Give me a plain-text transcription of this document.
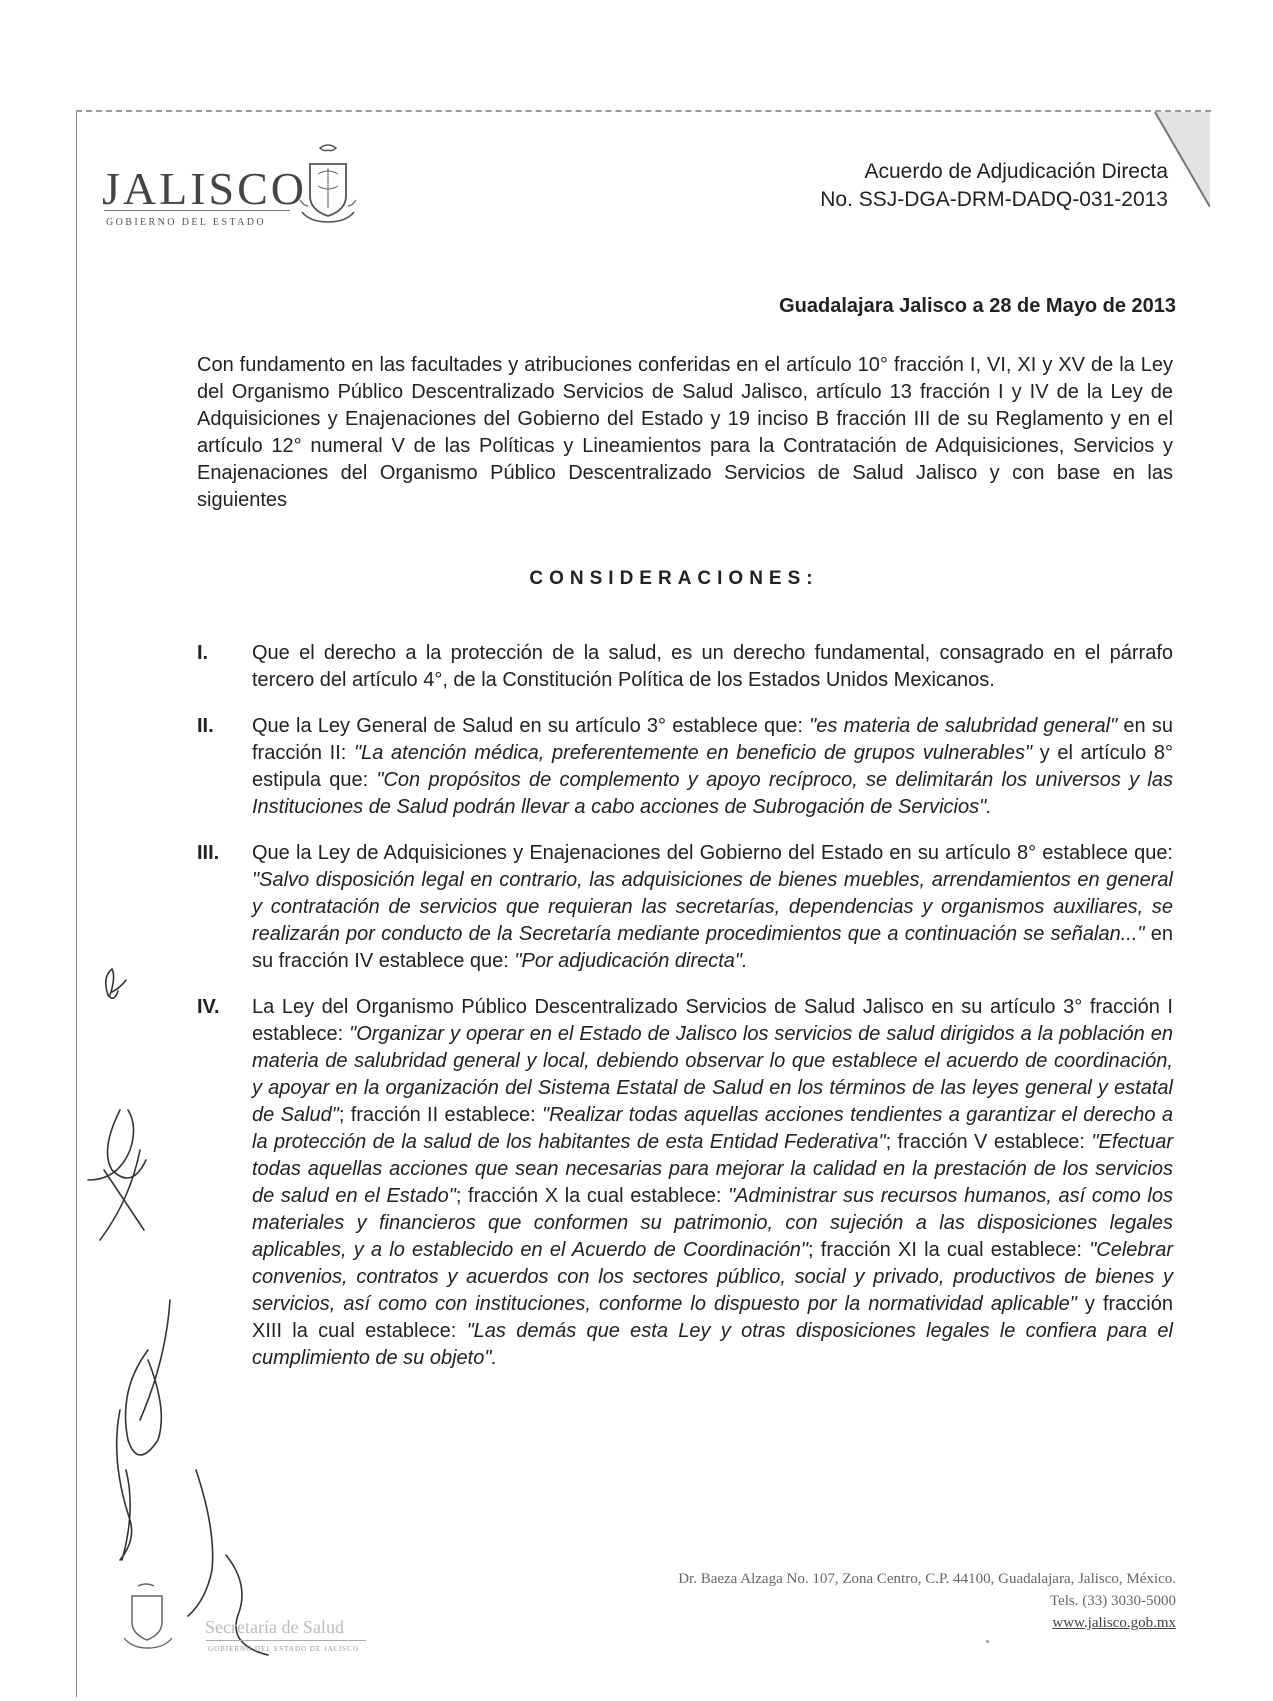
JALISCO
GOBIERNO DEL ESTADO
Acuerdo de Adjudicación Directa
No. SSJ-DGA-DRM-DADQ-031-2013
Guadalajara Jalisco a 28 de Mayo de 2013
Con fundamento en las facultades y atribuciones conferidas en el artículo 10° fracción I, VI, XI y XV de la Ley del Organismo Público Descentralizado Servicios de Salud Jalisco, artículo 13 fracción I y IV de la Ley de Adquisiciones y Enajenaciones del Gobierno del Estado y 19 inciso B fracción III de su Reglamento y en el artículo 12° numeral V de las Políticas y Lineamientos para la Contratación de Adquisiciones, Servicios y Enajenaciones del Organismo Público Descentralizado Servicios de Salud Jalisco y con base en las siguientes
CONSIDERACIONES:
I. Que el derecho a la protección de la salud, es un derecho fundamental, consagrado en el párrafo tercero del artículo 4°, de la Constitución Política de los Estados Unidos Mexicanos.
II. Que la Ley General de Salud en su artículo 3° establece que: "es materia de salubridad general" en su fracción II: "La atención médica, preferentemente en beneficio de grupos vulnerables" y el artículo 8° estipula que: "Con propósitos de complemento y apoyo recíproco, se delimitarán los universos y las Instituciones de Salud podrán llevar a cabo acciones de Subrogación de Servicios".
III. Que la Ley de Adquisiciones y Enajenaciones del Gobierno del Estado en su artículo 8° establece que: "Salvo disposición legal en contrario, las adquisiciones de bienes muebles, arrendamientos en general y contratación de servicios que requieran las secretarías, dependencias y organismos auxiliares, se realizarán por conducto de la Secretaría mediante procedimientos que a continuación se señalan..." en su fracción IV establece que: "Por adjudicación directa".
IV. La Ley del Organismo Público Descentralizado Servicios de Salud Jalisco en su artículo 3° fracción I establece: "Organizar y operar en el Estado de Jalisco los servicios de salud dirigidos a la población en materia de salubridad general y local, debiendo observar lo que establece el acuerdo de coordinación, y apoyar en la organización del Sistema Estatal de Salud en los términos de las leyes general y estatal de Salud"; fracción II establece: "Realizar todas aquellas acciones tendientes a garantizar el derecho a la protección de la salud de los habitantes de esta Entidad Federativa"; fracción V establece: "Efectuar todas aquellas acciones que sean necesarias para mejorar la calidad en la prestación de los servicios de salud en el Estado"; fracción X la cual establece: "Administrar sus recursos humanos, así como los materiales y financieros que conformen su patrimonio, con sujeción a las disposiciones legales aplicables, y a lo establecido en el Acuerdo de Coordinación"; fracción XI la cual establece: "Celebrar convenios, contratos y acuerdos con los sectores público, social y privado, productivos de bienes y servicios, así como con instituciones, conforme lo dispuesto por la normatividad aplicable" y fracción XIII la cual establece: "Las demás que esta Ley y otras disposiciones legales le confiera para el cumplimiento de su objeto".
Secretaría de Salud
GOBIERNO DEL ESTADO DE JALISCO
Dr. Baeza Alzaga No. 107, Zona Centro, C.P. 44100, Guadalajara, Jalisco, México.
Tels. (33) 3030-5000
www.jalisco.gob.mx
